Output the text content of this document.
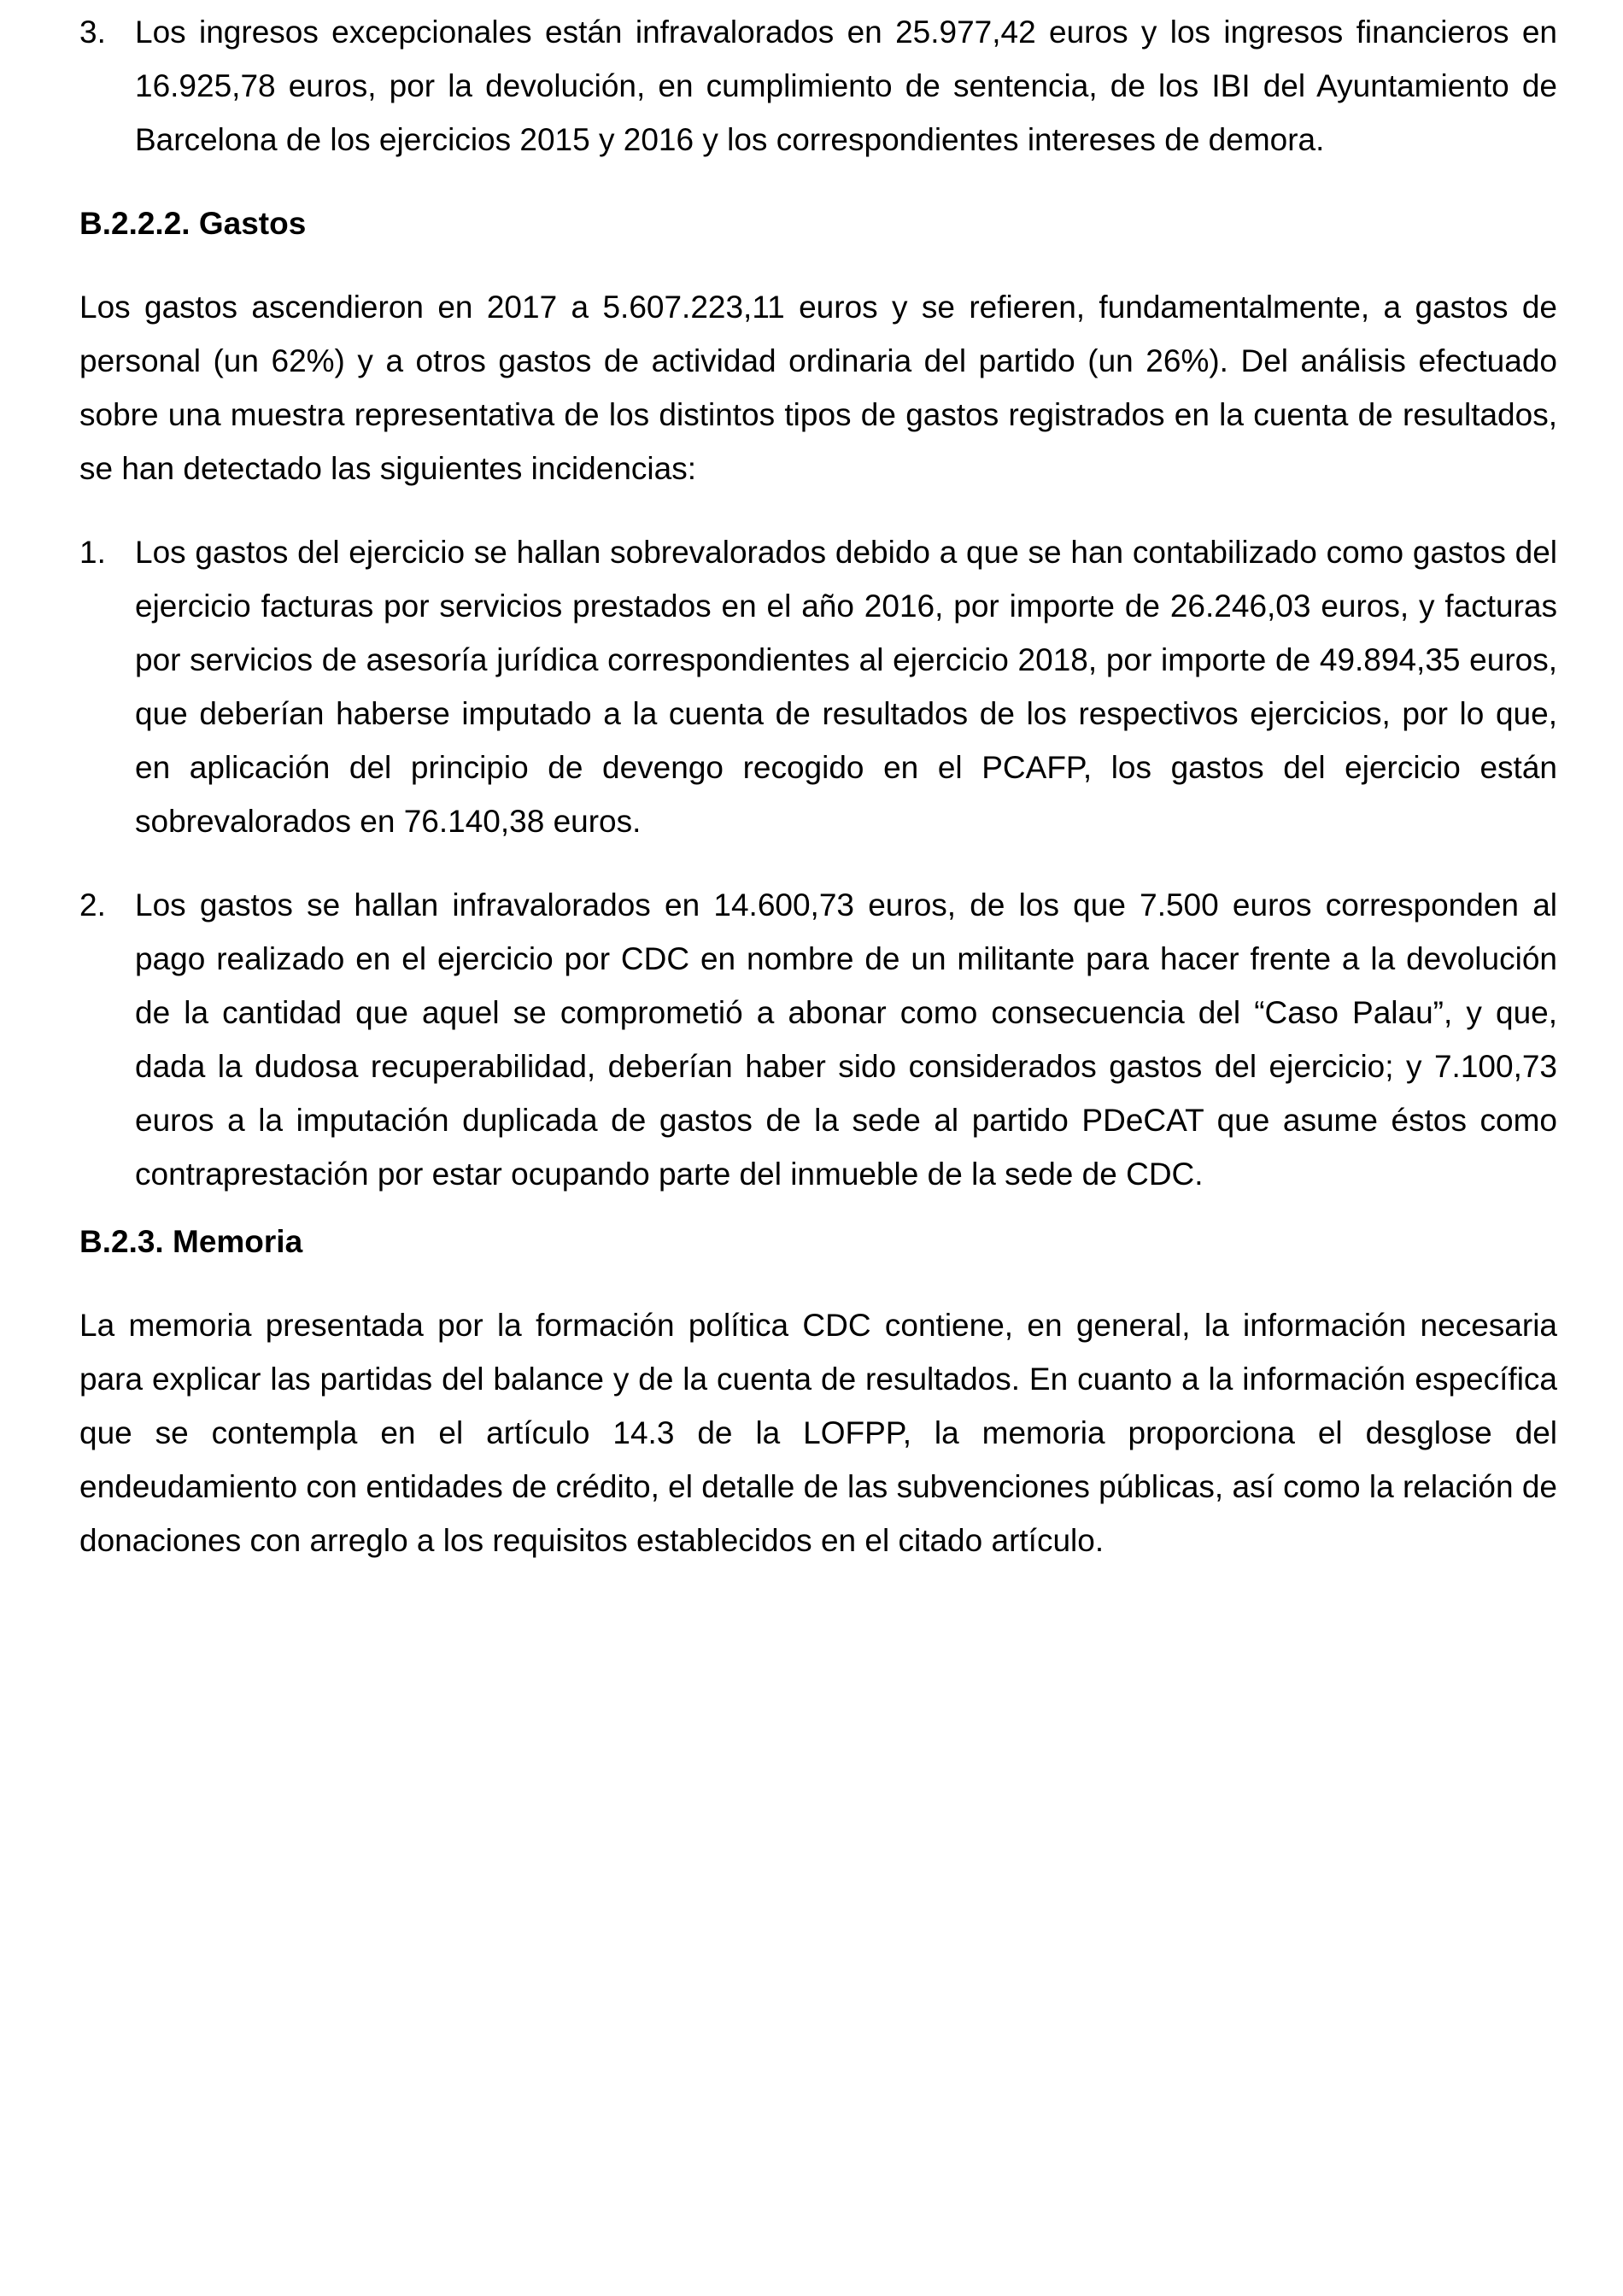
3. Los ingresos excepcionales están infravalorados en 25.977,42 euros y los ingresos financieros en 16.925,78 euros, por la devolución, en cumplimiento de sentencia, de los IBI del Ayuntamiento de Barcelona de los ejercicios 2015 y 2016 y los correspondientes intereses de demora.

B.2.2.2. Gastos

Los gastos ascendieron en 2017 a 5.607.223,11 euros y se refieren, fundamentalmente, a gastos de personal (un 62%) y a otros gastos de actividad ordinaria del partido (un 26%). Del análisis efectuado sobre una muestra representativa de los distintos tipos de gastos registrados en la cuenta de resultados, se han detectado las siguientes incidencias:

1. Los gastos del ejercicio se hallan sobrevalorados debido a que se han contabilizado como gastos del ejercicio facturas por servicios prestados en el año 2016, por importe de 26.246,03 euros, y facturas por servicios de asesoría jurídica correspondientes al ejercicio 2018, por importe de 49.894,35 euros, que deberían haberse imputado a la cuenta de resultados de los respectivos ejercicios, por lo que, en aplicación del principio de devengo recogido en el PCAFP, los gastos del ejercicio están sobrevalorados en 76.140,38 euros.

2. Los gastos se hallan infravalorados en 14.600,73 euros, de los que 7.500 euros corresponden al pago realizado en el ejercicio por CDC en nombre de un militante para hacer frente a la devolución de la cantidad que aquel se comprometió a abonar como consecuencia del “Caso Palau”, y que, dada la dudosa recuperabilidad, deberían haber sido considerados gastos del ejercicio; y 7.100,73 euros a la imputación duplicada de gastos de la sede al partido PDeCAT que asume éstos como contraprestación por estar ocupando parte del inmueble de la sede de CDC.

B.2.3. Memoria

La memoria presentada por la formación política CDC contiene, en general, la información necesaria para explicar las partidas del balance y de la cuenta de resultados. En cuanto a la información específica que se contempla en el artículo 14.3 de la LOFPP, la memoria proporciona el desglose del endeudamiento con entidades de crédito, el detalle de las subvenciones públicas, así como la relación de donaciones con arreglo a los requisitos establecidos en el citado artículo.
